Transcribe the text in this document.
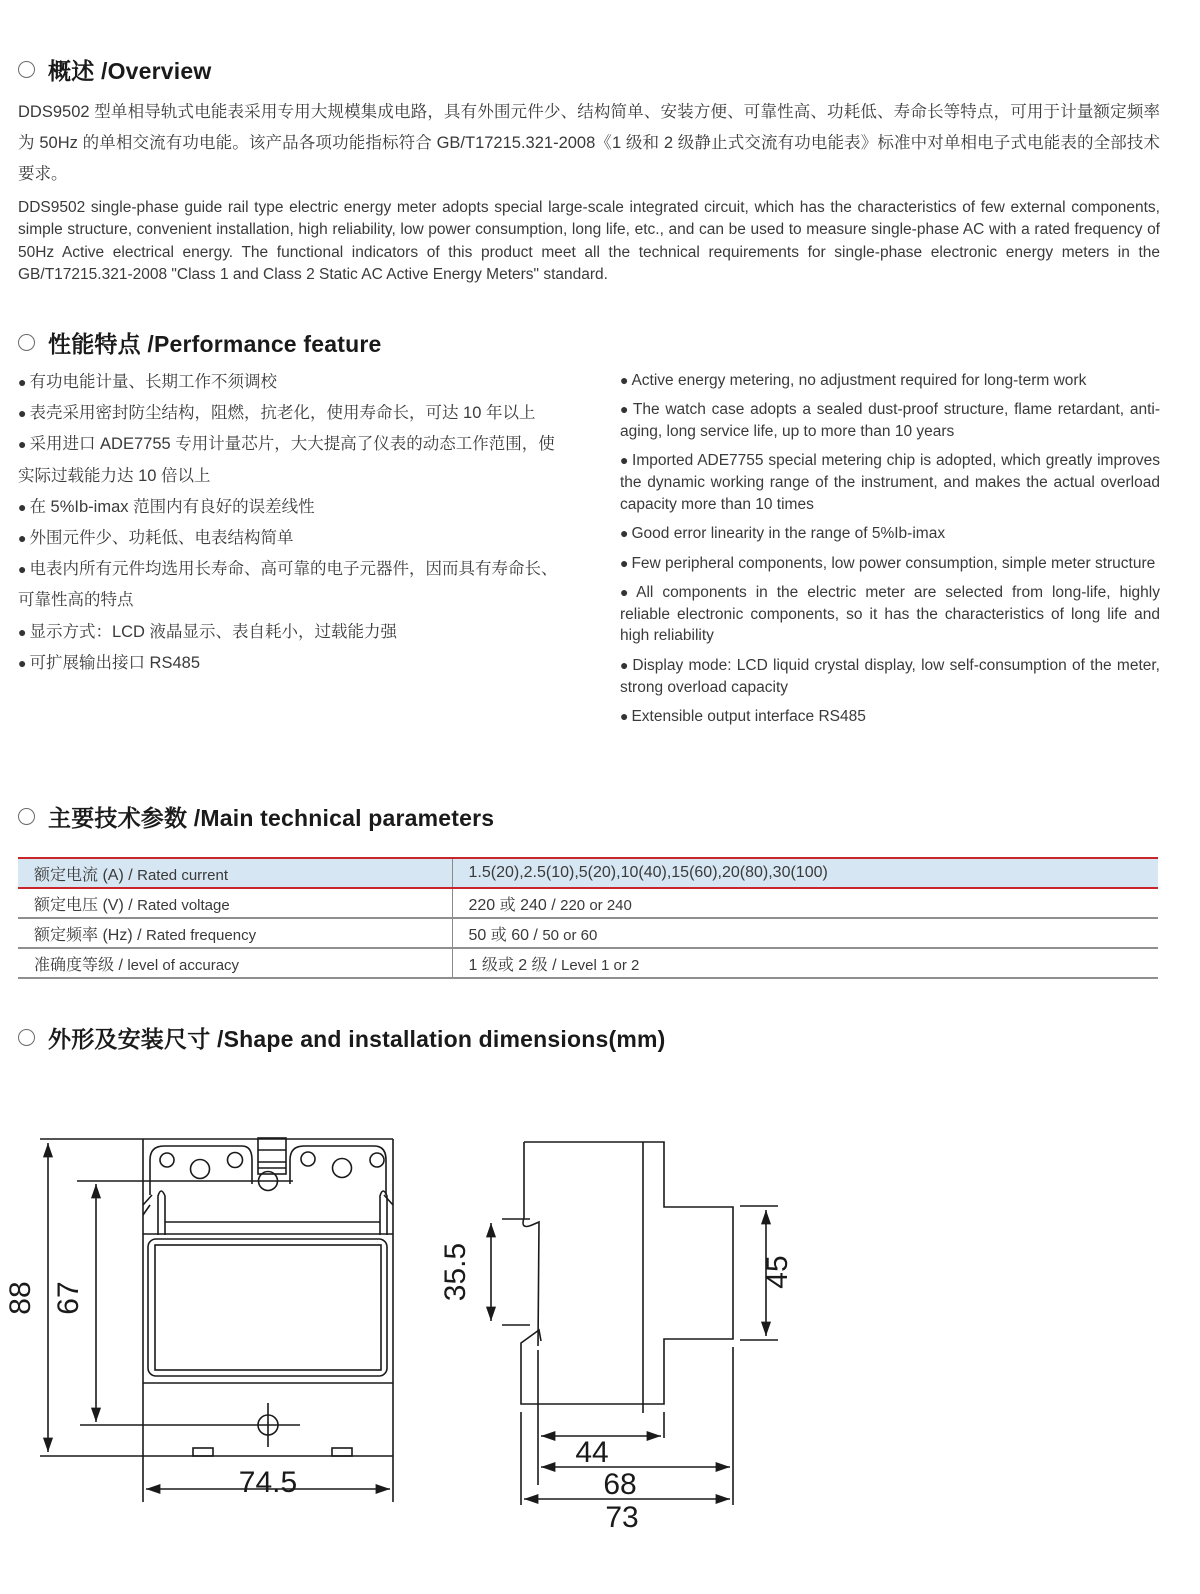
概述 /Overview

DDS9502 型单相导轨式电能表采用专用大规模集成电路，具有外围元件少、结构简单、安装方便、可靠性高、功耗低、寿命长等特点，可用于计量额定频率为 50Hz 的单相交流有功电能。该产品各项功能指标符合 GB/T17215.321-2008《1 级和 2 级静止式交流有功电能表》标准中对单相电子式电能表的全部技术要求。

DDS9502 single-phase guide rail type electric energy meter adopts special large-scale integrated circuit, which has the characteristics of few external components, simple structure, convenient installation, high reliability, low power consumption, long life, etc., and can be used to measure single-phase AC with a rated frequency of 50Hz Active electrical energy. The functional indicators of this product meet all the technical requirements for single-phase electronic energy meters in the GB/T17215.321-2008 "Class 1 and Class 2 Static AC Active Energy Meters" standard.

性能特点 /Performance feature
● 有功电能计量、长期工作不须调校
● 表壳采用密封防尘结构，阻燃，抗老化，使用寿命长，可达 10 年以上
● 采用进口 ADE7755 专用计量芯片，大大提高了仪表的动态工作范围，使实际过载能力达 10 倍以上
● 在 5%Ib-imax 范围内有良好的误差线性
● 外围元件少、功耗低、电表结构简单
● 电表内所有元件均选用长寿命、高可靠的电子元器件，因而具有寿命长、可靠性高的特点
● 显示方式：LCD 液晶显示、表自耗小，过载能力强
● 可扩展输出接口 RS485
● Active energy metering, no adjustment required for long-term work
● The watch case adopts a sealed dust-proof structure, flame retardant, anti-aging, long service life, up to more than 10 years
● Imported ADE7755 special metering chip is adopted, which greatly improves the dynamic working range of the instrument, and makes the actual overload capacity more than 10 times
● Good error linearity in the range of 5%Ib-imax
● Few peripheral components, low power consumption, simple meter structure
● All components in the electric meter are selected from long-life, highly reliable electronic components, so it has the characteristics of long life and high reliability
● Display mode: LCD liquid crystal display, low self-consumption of the meter, strong overload capacity
● Extensible output interface RS485
主要技术参数 /Main technical parameters
额定电流 (A) / Rated current	1.5(20),2.5(10),5(20),10(40),15(60),20(80),30(100)
额定电压 (V) / Rated voltage	220 或 240 / 220 or 240
额定频率 (Hz) / Rated frequency	50 或 60 / 50 or 60
准确度等级 / level of accuracy	1 级或 2 级 / Level 1 or 2
外形及安装尺寸 /Shape and installation dimensions(mm)
88 67
74.5
35.5	45
44
68
73
